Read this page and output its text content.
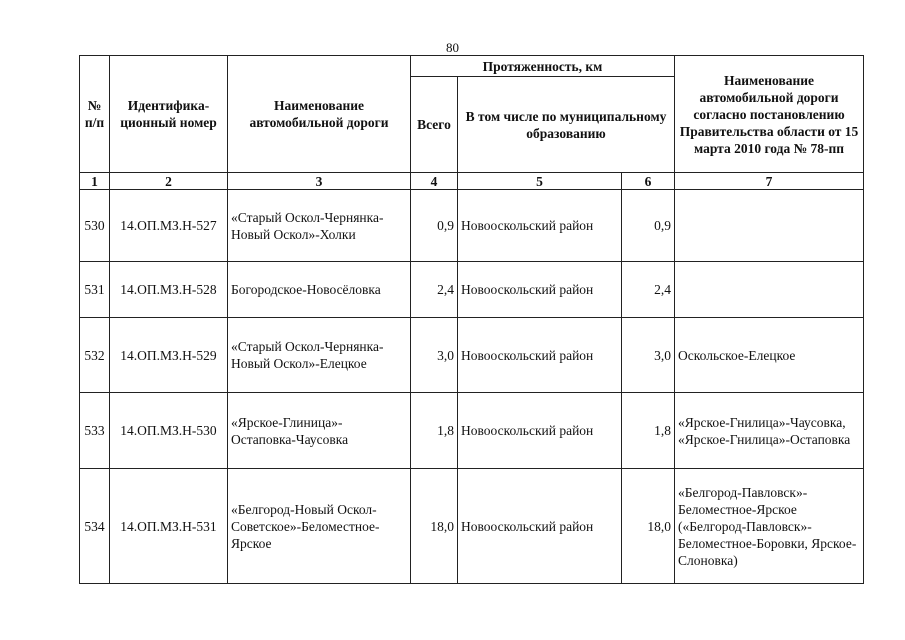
80
№ п/п	Идентифика-ционный номер	Наименование автомобильной дороги	Протяженность, км			Наименование автомобильной дороги согласно постановлению Правительства области от 15 марта 2010 года № 78-пп
			Всего	В том числе по муниципальному образованию		
1	2	3	4	5	6	7
530	14.ОП.МЗ.Н-527	«Старый Оскол-Чернянка-Новый Оскол»-Холки	0,9	Новооскольский район	0,9	
531	14.ОП.МЗ.Н-528	Богородское-Новосёловка	2,4	Новооскольский район	2,4	
532	14.ОП.МЗ.Н-529	«Старый Оскол-Чернянка-Новый Оскол»-Елецкое	3,0	Новооскольский район	3,0	Оскольское-Елецкое
533	14.ОП.МЗ.Н-530	«Ярское-Глиница»-Остаповка-Чаусовка	1,8	Новооскольский район	1,8	«Ярское-Гнилица»-Чаусовка, «Ярское-Гнилица»-Остаповка
534	14.ОП.МЗ.Н-531	«Белгород-Новый Оскол-Советское»-Беломестное-Ярское	18,0	Новооскольский район	18,0	«Белгород-Павловск»-Беломестное-Ярское («Белгород-Павловск»-Беломестное-Боровки, Ярское-Слоновка)
